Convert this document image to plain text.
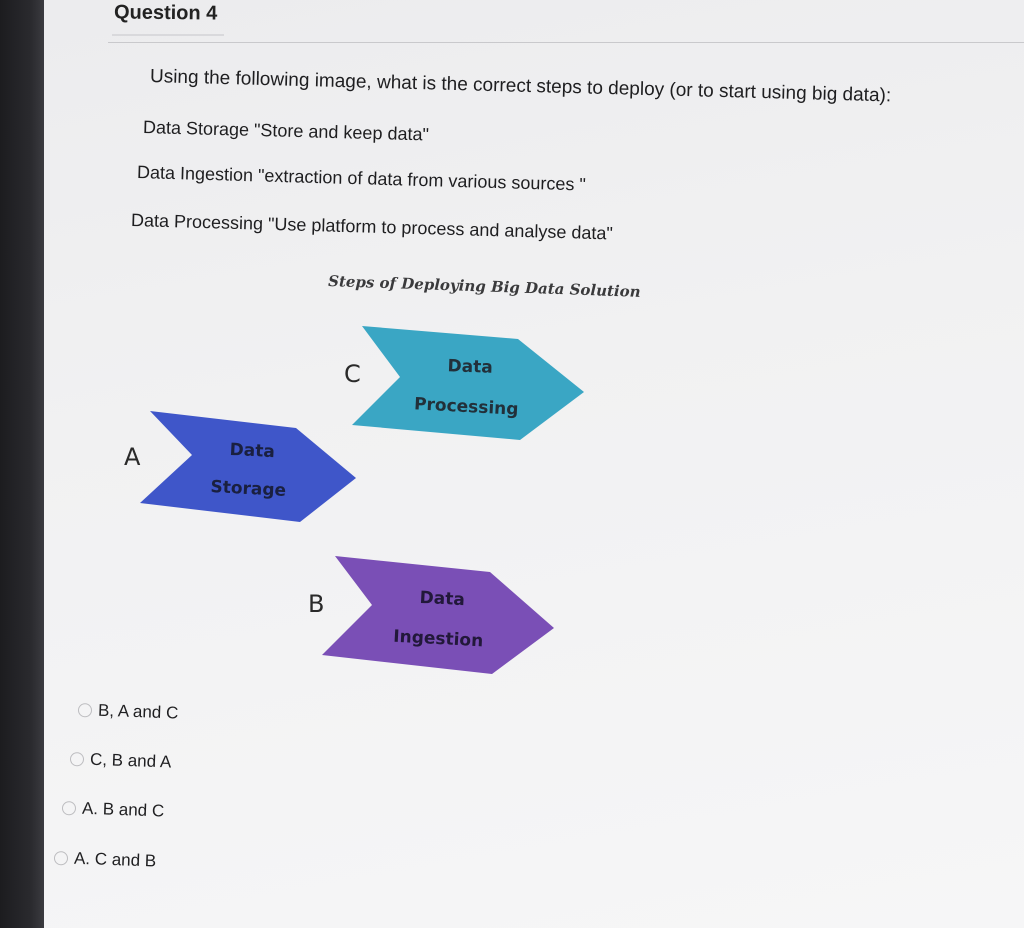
Question 4
Using the following image, what is the correct steps to deploy (or to start using big data):
Data Storage "Store and keep data"
Data Ingestion "extraction of data from various sources "
Data Processing "Use platform to process and analyse data"
Steps of Deploying Big Data Solution
C	Data
Processing
A	Data
Storage
B	Data
Ingestion
B, A and C
C, B and A
A. B and C
A. C and B
